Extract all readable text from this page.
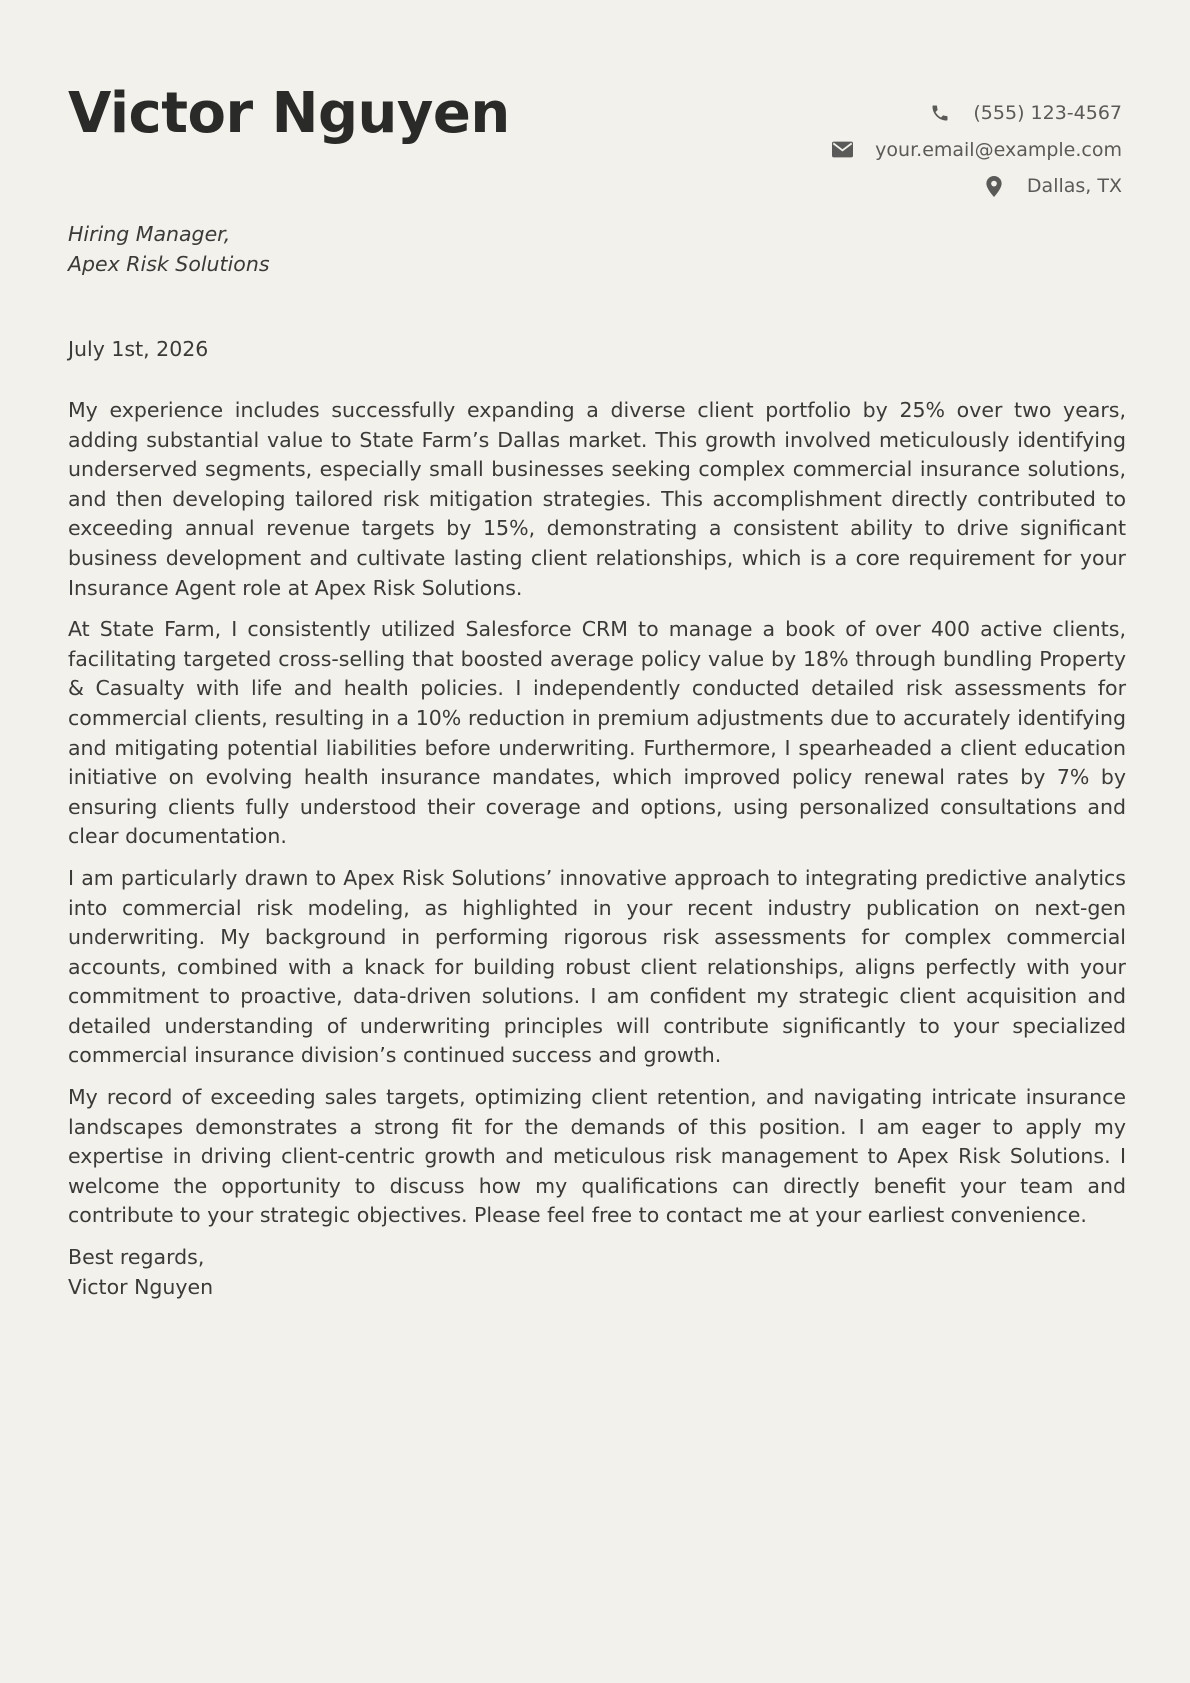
Victor Nguyen	(555) 123-4567
your.email@example.com
Dallas, TX
Hiring Manager,
Apex Risk Solutions
July 1st, 2026

My experience includes successfully expanding a diverse client portfolio by 25% over two years, adding substantial value to State Farm’s Dallas market. This growth involved meticulously identifying underserved segments, especially small businesses seeking complex commercial insurance solutions, and then developing tailored risk mitigation strategies. This accomplishment directly contributed to exceeding annual revenue targets by 15%, demonstrating a consistent ability to drive significant business development and cultivate lasting client relationships, which is a core requirement for your Insurance Agent role at Apex Risk Solutions.

At State Farm, I consistently utilized Salesforce CRM to manage a book of over 400 active clients, facilitating targeted cross-selling that boosted average policy value by 18% through bundling Property & Casualty with life and health policies. I independently conducted detailed risk assessments for commercial clients, resulting in a 10% reduction in premium adjustments due to accurately identifying and mitigating potential liabilities before underwriting. Furthermore, I spearheaded a client education initiative on evolving health insurance mandates, which improved policy renewal rates by 7% by ensuring clients fully understood their coverage and options, using personalized consultations and clear documentation.

I am particularly drawn to Apex Risk Solutions’ innovative approach to integrating predictive analytics into commercial risk modeling, as highlighted in your recent industry publication on next-gen underwriting. My background in performing rigorous risk assessments for complex commercial accounts, combined with a knack for building robust client relationships, aligns perfectly with your commitment to proactive, data-driven solutions. I am confident my strategic client acquisition and detailed understanding of underwriting principles will contribute significantly to your specialized commercial insurance division’s continued success and growth.

My record of exceeding sales targets, optimizing client retention, and navigating intricate insurance landscapes demonstrates a strong fit for the demands of this position. I am eager to apply my expertise in driving client-centric growth and meticulous risk management to Apex Risk Solutions. I welcome the opportunity to discuss how my qualifications can directly benefit your team and contribute to your strategic objectives. Please feel free to contact me at your earliest convenience.

Best regards,
Victor Nguyen
